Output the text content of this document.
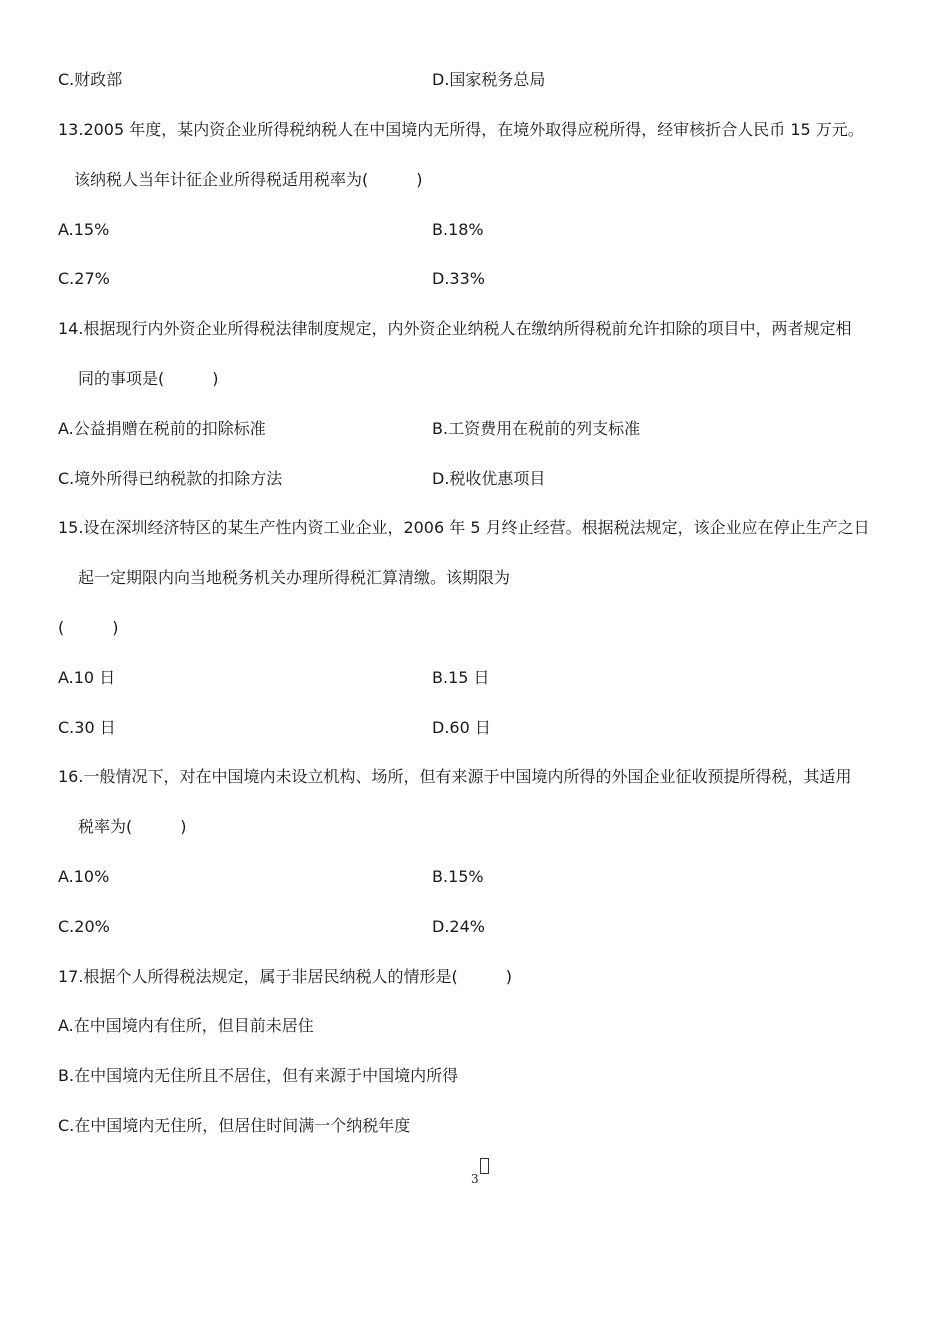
C.财政部	D.国家税务总局
13.2005 年度，某内资企业所得税纳税人在中国境内无所得，在境外取得应税所得，经审核折合人民币 15 万元。
该纳税人当年计征企业所得税适用税率为(　　　)
A.15%	B.18%
C.27%	D.33%
14.根据现行内外资企业所得税法律制度规定，内外资企业纳税人在缴纳所得税前允许扣除的项目中，两者规定相
同的事项是(　　　)
A.公益捐赠在税前的扣除标准	B.工资费用在税前的列支标准
C.境外所得已纳税款的扣除方法	D.税收优惠项目
15.设在深圳经济特区的某生产性内资工业企业，2006 年 5 月终止经营。根据税法规定，该企业应在停止生产之日
起一定期限内向当地税务机关办理所得税汇算清缴。该期限为
(　　　)
A.10 日	B.15 日
C.30 日	D.60 日
16.一般情况下，对在中国境内未设立机构、场所，但有来源于中国境内所得的外国企业征收预提所得税，其适用
税率为(　　　)
A.10%	B.15%
C.20%	D.24%
17.根据个人所得税法规定，属于非居民纳税人的情形是(　　　)
A.在中国境内有住所，但目前未居住
B.在中国境内无住所且不居住，但有来源于中国境内所得
C.在中国境内无住所，但居住时间满一个纳税年度
3
